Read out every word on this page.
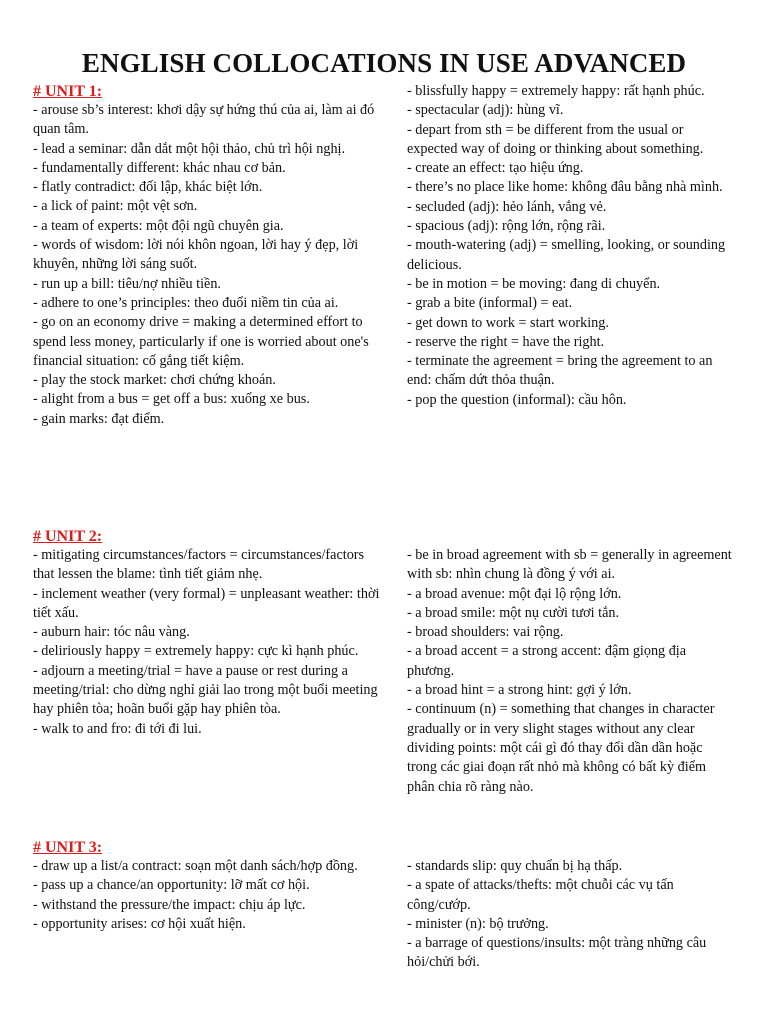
ENGLISH COLLOCATIONS IN USE ADVANCED
# UNIT 1:
- arouse sb’s interest: khơi dậy sự hứng thú của ai, làm ai đó quan tâm.
- lead a seminar: dẫn dắt một hội thảo, chủ trì hội nghị.
- fundamentally different: khác nhau cơ bản.
- flatly contradict: đối lập, khác biệt lớn.
- a lick of paint: một vệt sơn.
- a team of experts: một đội ngũ chuyên gia.
- words of wisdom: lời nói khôn ngoan, lời hay ý đẹp, lời khuyên, những lời sáng suốt.
- run up a bill: tiêu/nợ nhiều tiền.
- adhere to one’s principles: theo đuổi niềm tin của ai.
- go on an economy drive = making a determined effort to spend less money, particularly if one is worried about one's financial situation: cố gắng tiết kiệm.
- play the stock market: chơi chứng khoán.
- alight from a bus = get off a bus: xuống xe bus.
- gain marks: đạt điểm.
- blissfully happy = extremely happy: rất hạnh phúc.
- spectacular (adj): hùng vĩ.
- depart from sth = be different from the usual or expected way of doing or thinking about something.
- create an effect: tạo hiệu ứng.
- there’s no place like home: không đâu bằng nhà mình.
- secluded (adj): hẻo lánh, vắng vẻ.
- spacious (adj): rộng lớn, rộng rãi.
- mouth-watering (adj) = smelling, looking, or sounding delicious.
- be in motion = be moving: đang di chuyển.
- grab a bite (informal) = eat.
- get down to work = start working.
- reserve the right = have the right.
- terminate the agreement = bring the agreement to an end: chấm dứt thỏa thuận.
- pop the question (informal): cầu hôn.
# UNIT 2:
- mitigating circumstances/factors = circumstances/factors that lessen the blame: tình tiết giảm nhẹ.
- inclement weather (very formal) = unpleasant weather: thời tiết xấu.
- auburn hair: tóc nâu vàng.
- deliriously happy = extremely happy: cực kì hạnh phúc.
- adjourn a meeting/trial = have a pause or rest during a meeting/trial: cho dừng nghỉ giải lao trong một buổi meeting hay phiên tòa; hoãn buổi gặp hay phiên tòa.
- walk to and fro: đi tới đi lui.
- be in broad agreement with sb = generally in agreement with sb: nhìn chung là đồng ý với ai.
- a broad avenue: một đại lộ rộng lớn.
- a broad smile: một nụ cười tươi tắn.
- broad shoulders: vai rộng.
- a broad accent = a strong accent: đậm giọng địa phương.
- a broad hint = a strong hint: gợi ý lớn.
- continuum (n) = something that changes in character gradually or in very slight stages without any clear dividing points: một cái gì đó thay đổi dần dần hoặc trong các giai đoạn rất nhỏ mà không có bất kỳ điểm phân chia rõ ràng nào.
# UNIT 3:
- draw up a list/a contract: soạn một danh sách/hợp đồng.
- pass up a chance/an opportunity: lỡ mất cơ hội.
- withstand the pressure/the impact: chịu áp lực.
- opportunity arises: cơ hội xuất hiện.
- standards slip: quy chuẩn bị hạ thấp.
- a spate of attacks/thefts: một chuỗi các vụ tấn công/cướp.
- minister (n): bộ trưởng.
- a barrage of questions/insults: một tràng những câu hỏi/chửi bới.
